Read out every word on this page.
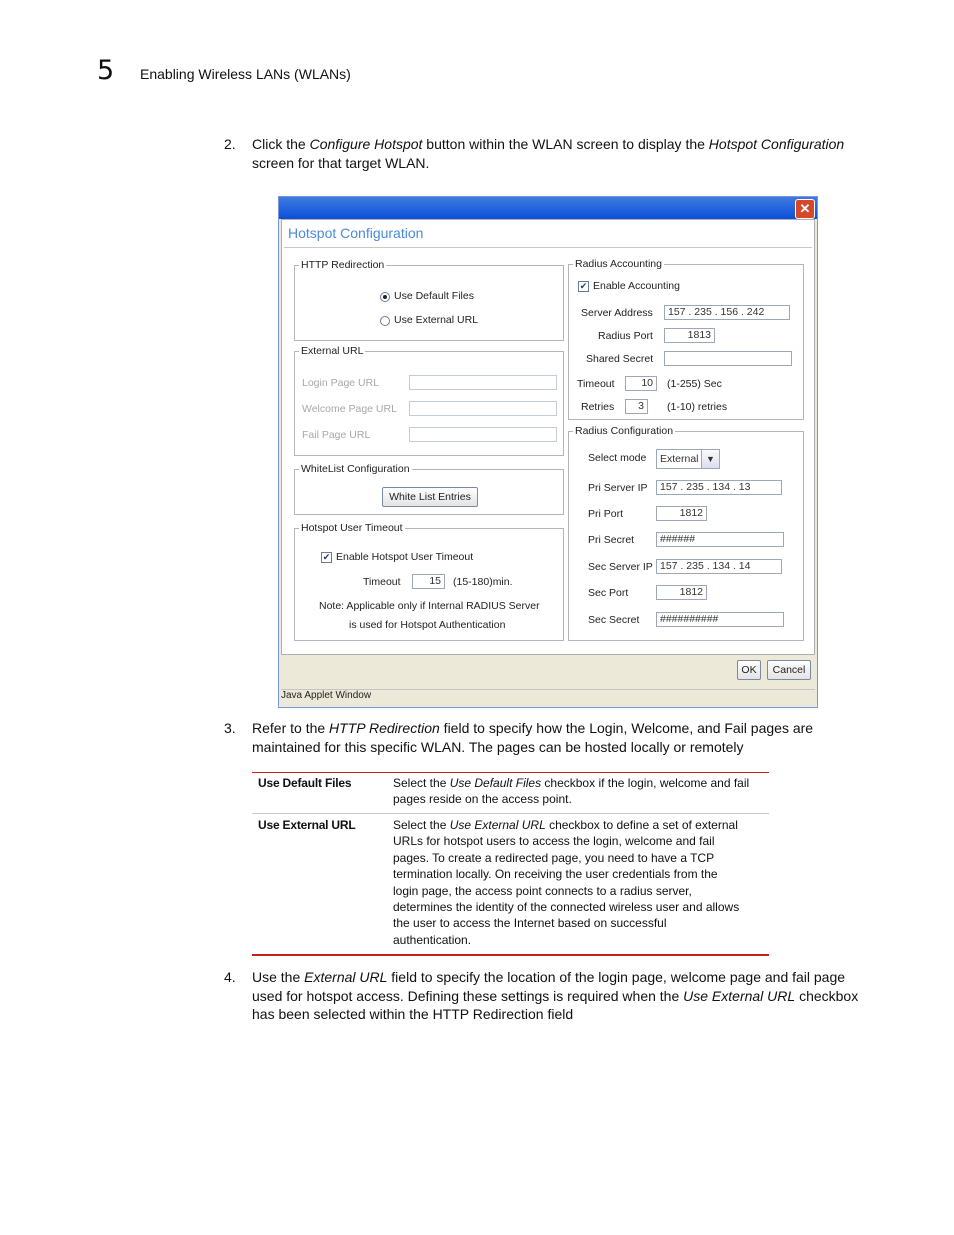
5 Enabling Wireless LANs (WLANs)
2. Click the Configure Hotspot button within the WLAN screen to display the Hotspot Configuration screen for that target WLAN.
✕
Hotspot Configuration
HTTP Redirection
Use Default Files
Use External URL
External URL
Login Page URL
Welcome Page URL
Fail Page URL
WhiteList Configuration
White List Entries
Hotspot User Timeout
✔ Enable Hotspot User Timeout
Timeout	15	(15-180)min.
Note: Applicable only if Internal RADIUS Server
is used for Hotspot Authentication
Radius Accounting
✔ Enable Accounting
Server Address	157 . 235 . 156 . 242
Radius Port	1813
Shared Secret
Timeout	10	(1-255) Sec
Retries	3	(1-10) retries
Radius Configuration
Select mode	External ▼
Pri Server IP	157 . 235 . 134 . 13
Pri Port	1812
Pri Secret	######
Sec Server IP 157 . 235 . 134 . 14
Sec Port	1812
Sec Secret	##########
OK	Cancel
Java Applet Window
3. Refer to the HTTP Redirection field to specify how the Login, Welcome, and Fail pages are maintained for this specific WLAN. The pages can be hosted locally or remotely
Use Default Files	Select the Use Default Files checkbox if the login, welcome and fail
pages reside on the access point.
Use External URL	Select the Use External URL checkbox to define a set of external
URLs for hotspot users to access the login, welcome and fail
pages. To create a redirected page, you need to have a TCP
termination locally. On receiving the user credentials from the
login page, the access point connects to a radius server,
determines the identity of the connected wireless user and allows
the user to access the Internet based on successful
authentication.
4. Use the External URL field to specify the location of the login page, welcome page and fail page used for hotspot access. Defining these settings is required when the Use External URL checkbox has been selected within the HTTP Redirection field
